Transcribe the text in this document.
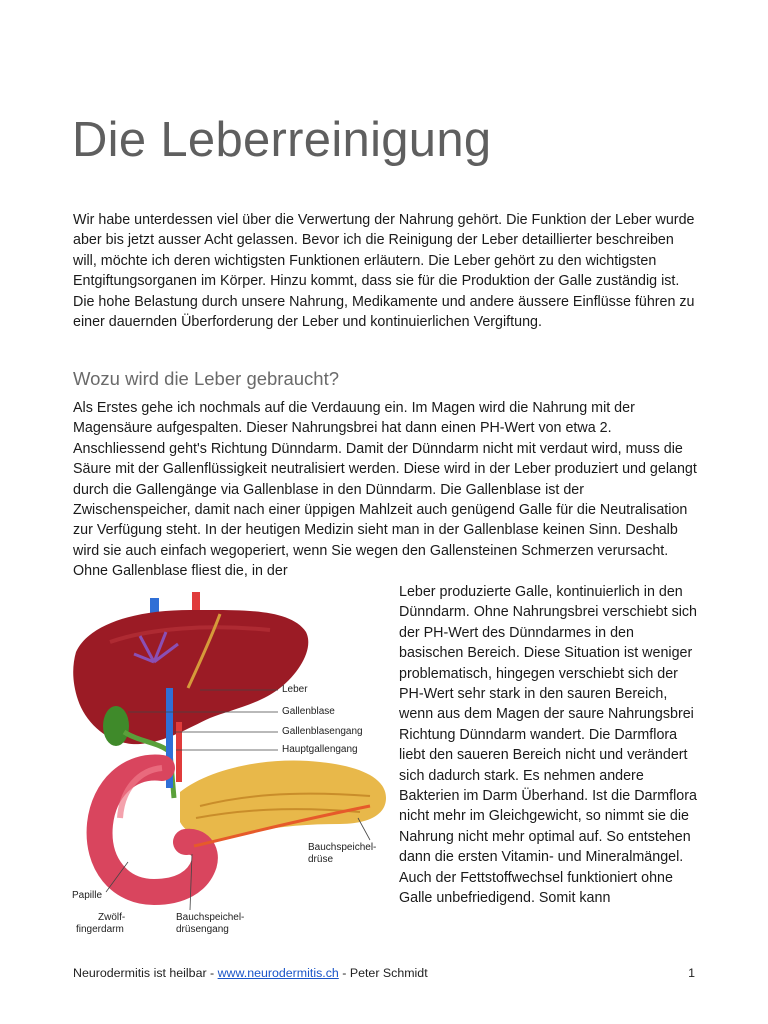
Die Leberreinigung

Wir habe unterdessen viel über die Verwertung der Nahrung gehört. Die Funktion der Leber wurde aber bis jetzt ausser Acht gelassen. Bevor ich die Reinigung der Leber detaillierter beschreiben will, möchte ich deren wichtigsten Funktionen erläutern. Die Leber gehört zu den wichtigsten Entgiftungsorganen im Körper. Hinzu kommt, dass sie für die Produktion der Galle zuständig ist. Die hohe Belastung durch unsere Nahrung, Medikamente und andere äussere Einflüsse führen zu einer dauernden Überforderung der Leber und kontinuierlichen Vergiftung.

Wozu wird die Leber gebraucht?

Als Erstes gehe ich nochmals auf die Verdauung ein. Im Magen wird die Nahrung mit der Magensäure aufgespalten. Dieser Nahrungsbrei hat dann einen PH-Wert von etwa 2. Anschliessend geht's Richtung Dünndarm. Damit der Dünndarm nicht mit verdaut wird, muss die Säure mit der Gallenflüssigkeit neutralisiert werden. Diese wird in der Leber produziert und gelangt durch die Gallengänge via Gallenblase in den Dünndarm. Die Gallenblase ist der Zwischenspeicher, damit nach einer üppigen Mahlzeit auch genügend Galle für die Neutralisation zur Verfügung steht. In der heutigen Medizin sieht man in der Gallenblase keinen Sinn. Deshalb wird sie auch einfach wegoperiert, wenn Sie wegen den Gallensteinen Schmerzen verursacht. Ohne Gallenblase fliest die, in der

Leber produzierte Galle, kontinuierlich in den Dünndarm. Ohne Nahrungsbrei verschiebt sich der PH-Wert des Dünndarmes in den basischen Bereich. Diese Situation ist weniger problematisch, hingegen verschiebt sich der PH-Wert sehr stark in den sauren Bereich, wenn aus dem Magen der saure Nahrungsbrei Richtung Dünndarm wandert. Die Darmflora liebt den saueren Bereich nicht und verändert sich dadurch stark. Es nehmen andere Bakterien im Darm Überhand. Ist die Darmflora nicht mehr im Gleichgewicht, so nimmt sie die Nahrung nicht mehr optimal auf. So entstehen dann die ersten Vitamin- und Mineralmängel. Auch der Fettstoffwechsel funktioniert ohne Galle unbefriedigend. Somit kann

Leber
Gallenblase
Gallenblasengang
Hauptgallengang
Bauchspeichel-
drüse
Papille
Zwölf-
fingerdarm
Bauchspeichel-
drüsengang
Neurodermitis ist heilbar - www.neurodermitis.ch - Peter Schmidt	1
